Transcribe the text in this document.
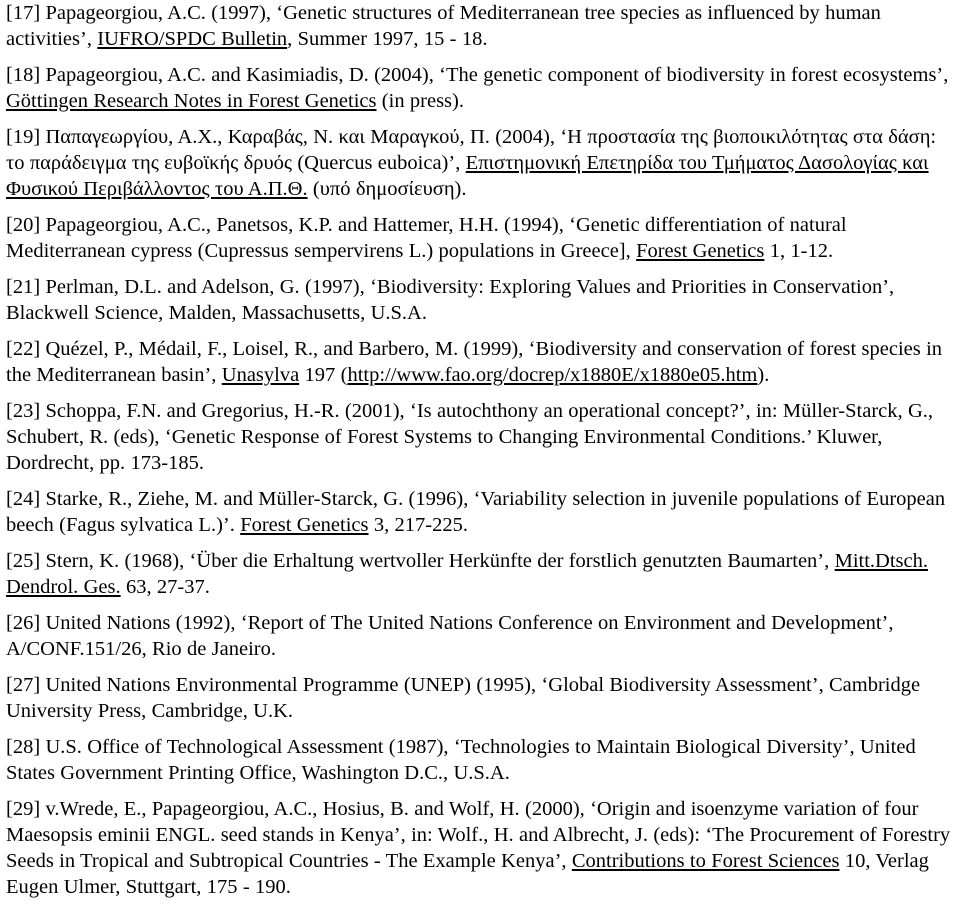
[17] Papageorgiou, A.C. (1997), ‘Genetic structures of Mediterranean tree species as influenced by human activities’, IUFRO/SPDC Bulletin, Summer 1997, 15 - 18.

[18] Papageorgiou, A.C. and Kasimiadis, D. (2004), ‘The genetic component of biodiversity in forest ecosystems’, Göttingen Research Notes in Forest Genetics (in press).

[19] Παπαγεωργίου, Α.Χ., Καραβάς, Ν. και Μαραγκού, Π. (2004), ‘Η προστασία της βιοποικιλότητας στα δάση: το παράδειγμα της ευβοϊκής δρυός (Quercus euboica)’, Επιστημονική Επετηρίδα του Τμήματος Δασολογίας και Φυσικού Περιβάλλοντος του Α.Π.Θ. (υπό δημοσίευση).

[20] Papageorgiou, A.C., Panetsos, K.P. and Hattemer, H.H. (1994), ‘Genetic differentiation of natural Mediterranean cypress (Cupressus sempervirens L.) populations in Greece], Forest Genetics 1, 1-12.

[21] Perlman, D.L. and Adelson, G. (1997), ‘Biodiversity: Exploring Values and Priorities in Conservation’, Blackwell Science, Malden, Massachusetts, U.S.A.

[22] Quézel, P., Médail, F., Loisel, R., and Barbero, M. (1999), ‘Biodiversity and conservation of forest species in the Mediterranean basin’, Unasylva 197 (http://www.fao.org/docrep/x1880E/x1880e05.htm).

[23] Schoppa, F.N. and Gregorius, H.-R. (2001), ‘Is autochthony an operational concept?’, in: Müller-Starck, G., Schubert, R. (eds), ‘Genetic Response of Forest Systems to Changing Environmental Conditions.’ Kluwer, Dordrecht, pp. 173-185.

[24] Starke, R., Ziehe, M. and Müller-Starck, G. (1996), ‘Variability selection in juvenile populations of European beech (Fagus sylvatica L.)’. Forest Genetics 3, 217-225.

[25] Stern, K. (1968), ‘Über die Erhaltung wertvoller Herkünfte der forstlich genutzten Baumarten’, Mitt.Dtsch. Dendrol. Ges. 63, 27-37.

[26] United Nations (1992), ‘Report of The United Nations Conference on Environment and Development’, A/CONF.151/26, Rio de Janeiro.

[27] United Nations Environmental Programme (UNEP) (1995), ‘Global Biodiversity Assessment’, Cambridge University Press, Cambridge, U.K.

[28] U.S. Office of Technological Assessment (1987), ‘Technologies to Maintain Biological Diversity’, United States Government Printing Office, Washington D.C., U.S.A.

[29] v.Wrede, E., Papageorgiou, A.C., Hosius, B. and Wolf, H. (2000), ‘Origin and isoenzyme variation of four Maesopsis eminii ENGL. seed stands in Kenya’, in: Wolf., H. and Albrecht, J. (eds): ‘The Procurement of Forestry Seeds in Tropical and Subtropical Countries - The Example Kenya’, Contributions to Forest Sciences 10, Verlag Eugen Ulmer, Stuttgart, 175 - 190.
